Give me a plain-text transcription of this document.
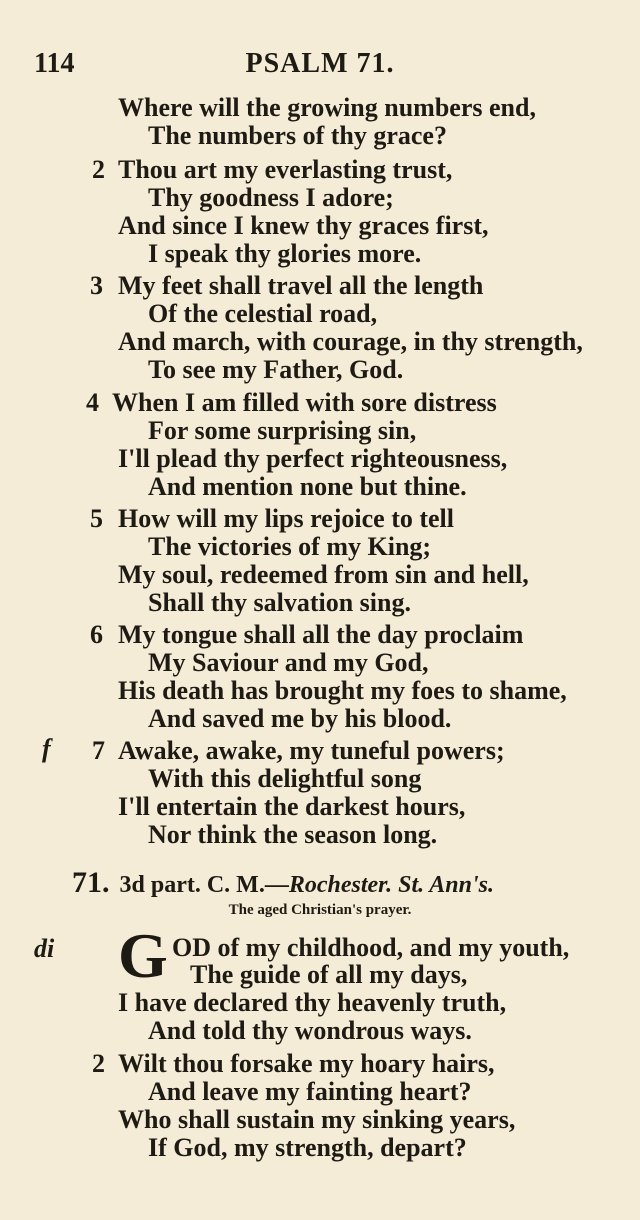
114	PSALM 71.
Where will the growing numbers end,
The numbers of thy grace?
2 Thou art my everlasting trust,
Thy goodness I adore;
And since I knew thy graces first,
I speak thy glories more.
3 My feet shall travel all the length
Of the celestial road,
And march, with courage, in thy strength,
To see my Father, God.
4 When I am filled with sore distress
For some surprising sin,
I'll plead thy perfect righteousness,
And mention none but thine.
5 How will my lips rejoice to tell
The victories of my King;
My soul, redeemed from sin and hell,
Shall thy salvation sing.
6 My tongue shall all the day proclaim
My Saviour and my God,
His death has brought my foes to shame,
And saved me by his blood.
f 7 Awake, awake, my tuneful powers;
With this delightful song
I'll entertain the darkest hours,
Nor think the season long.
71. 3d part. C. M.—Rochester. St. Ann's.
The aged Christian's prayer.
di G OD of my childhood, and my youth,
The guide of all my days,
I have declared thy heavenly truth,
And told thy wondrous ways.
2 Wilt thou forsake my hoary hairs,
And leave my fainting heart?
Who shall sustain my sinking years,
If God, my strength, depart?
